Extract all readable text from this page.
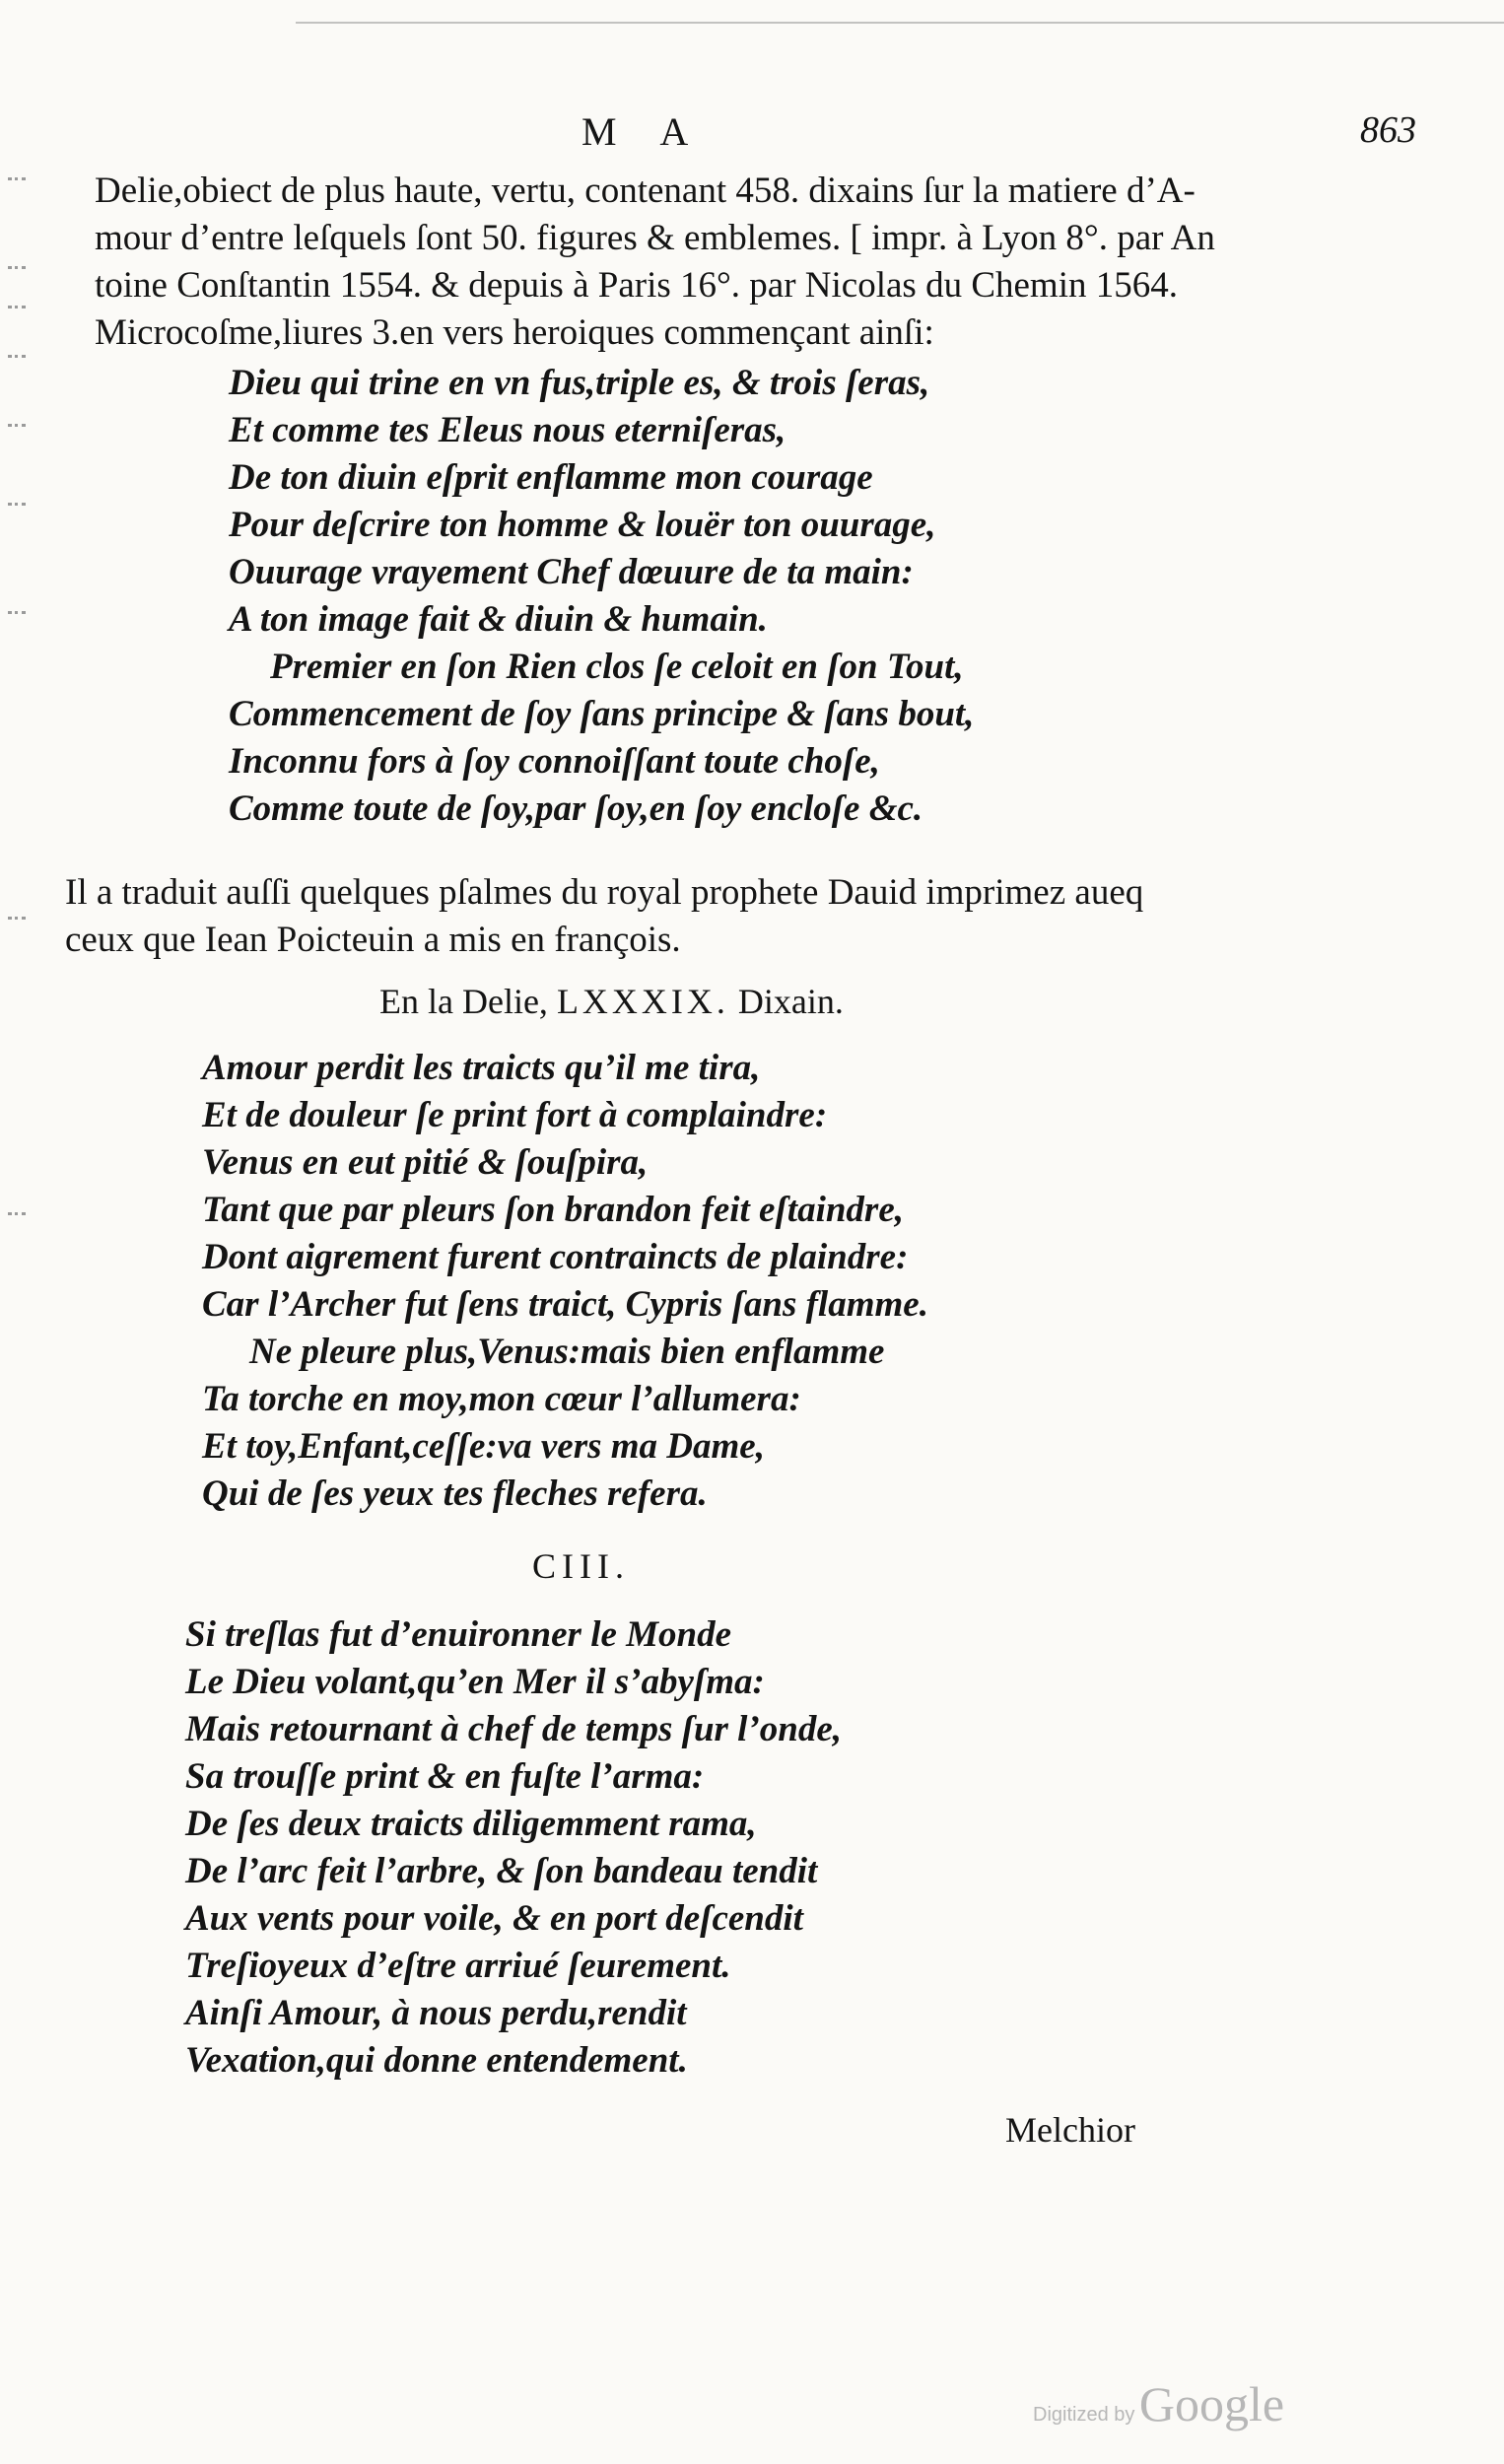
M A	863
Delie,obiect de plus haute, vertu, contenant 458. dixains ſur la matiere d’A-
mour d’entre leſquels ſont 50. figures & emblemes. [ impr. à Lyon 8°. par An
toine Conſtantin 1554. & depuis à Paris 16°. par Nicolas du Chemin 1564.
Microcoſme,liures 3.en vers heroiques commençant ainſi:
Dieu qui trine en vn fus,triple es, & trois ſeras,
Et comme tes Eleus nous eterniſeras,
De ton diuin eſprit enflamme mon courage
Pour deſcrire ton homme & louër ton ouurage,
Ouurage vrayement Chef dœuure de ta main:
A ton image fait & diuin & humain.
Premier en ſon Rien clos ſe celoit en ſon Tout,
Commencement de ſoy ſans principe & ſans bout,
Inconnu fors à ſoy connoiſſant toute choſe,
Comme toute de ſoy,par ſoy,en ſoy encloſe &c.
Il a traduit auſſi quelques pſalmes du royal prophete Dauid imprimez aueq
ceux que Iean Poicteuin a mis en françois.
En la Delie, LXXXIX. Dixain.
Amour perdit les traicts qu’il me tira,
Et de douleur ſe print fort à complaindre:
Venus en eut pitié & ſouſpira,
Tant que par pleurs ſon brandon feit eſtaindre,
Dont aigrement furent contraincts de plaindre:
Car l’Archer fut ſens traict, Cypris ſans flamme.
Ne pleure plus,Venus:mais bien enflamme
Ta torche en moy,mon cœur l’allumera:
Et toy,Enfant,ceſſe:va vers ma Dame,
Qui de ſes yeux tes fleches refera.
CIII.
Si treſlas fut d’enuironner le Monde
Le Dieu volant,qu’en Mer il s’abyſma:
Mais retournant à chef de temps ſur l’onde,
Sa trouſſe print & en fuſte l’arma:
De ſes deux traicts diligemment rama,
De l’arc feit l’arbre, & ſon bandeau tendit
Aux vents pour voile, & en port deſcendit
Treſioyeux d’eſtre arriué ſeurement.
Ainſi Amour, à nous perdu,rendit
Vexation,qui donne entendement.
Melchior
Digitized by Google
